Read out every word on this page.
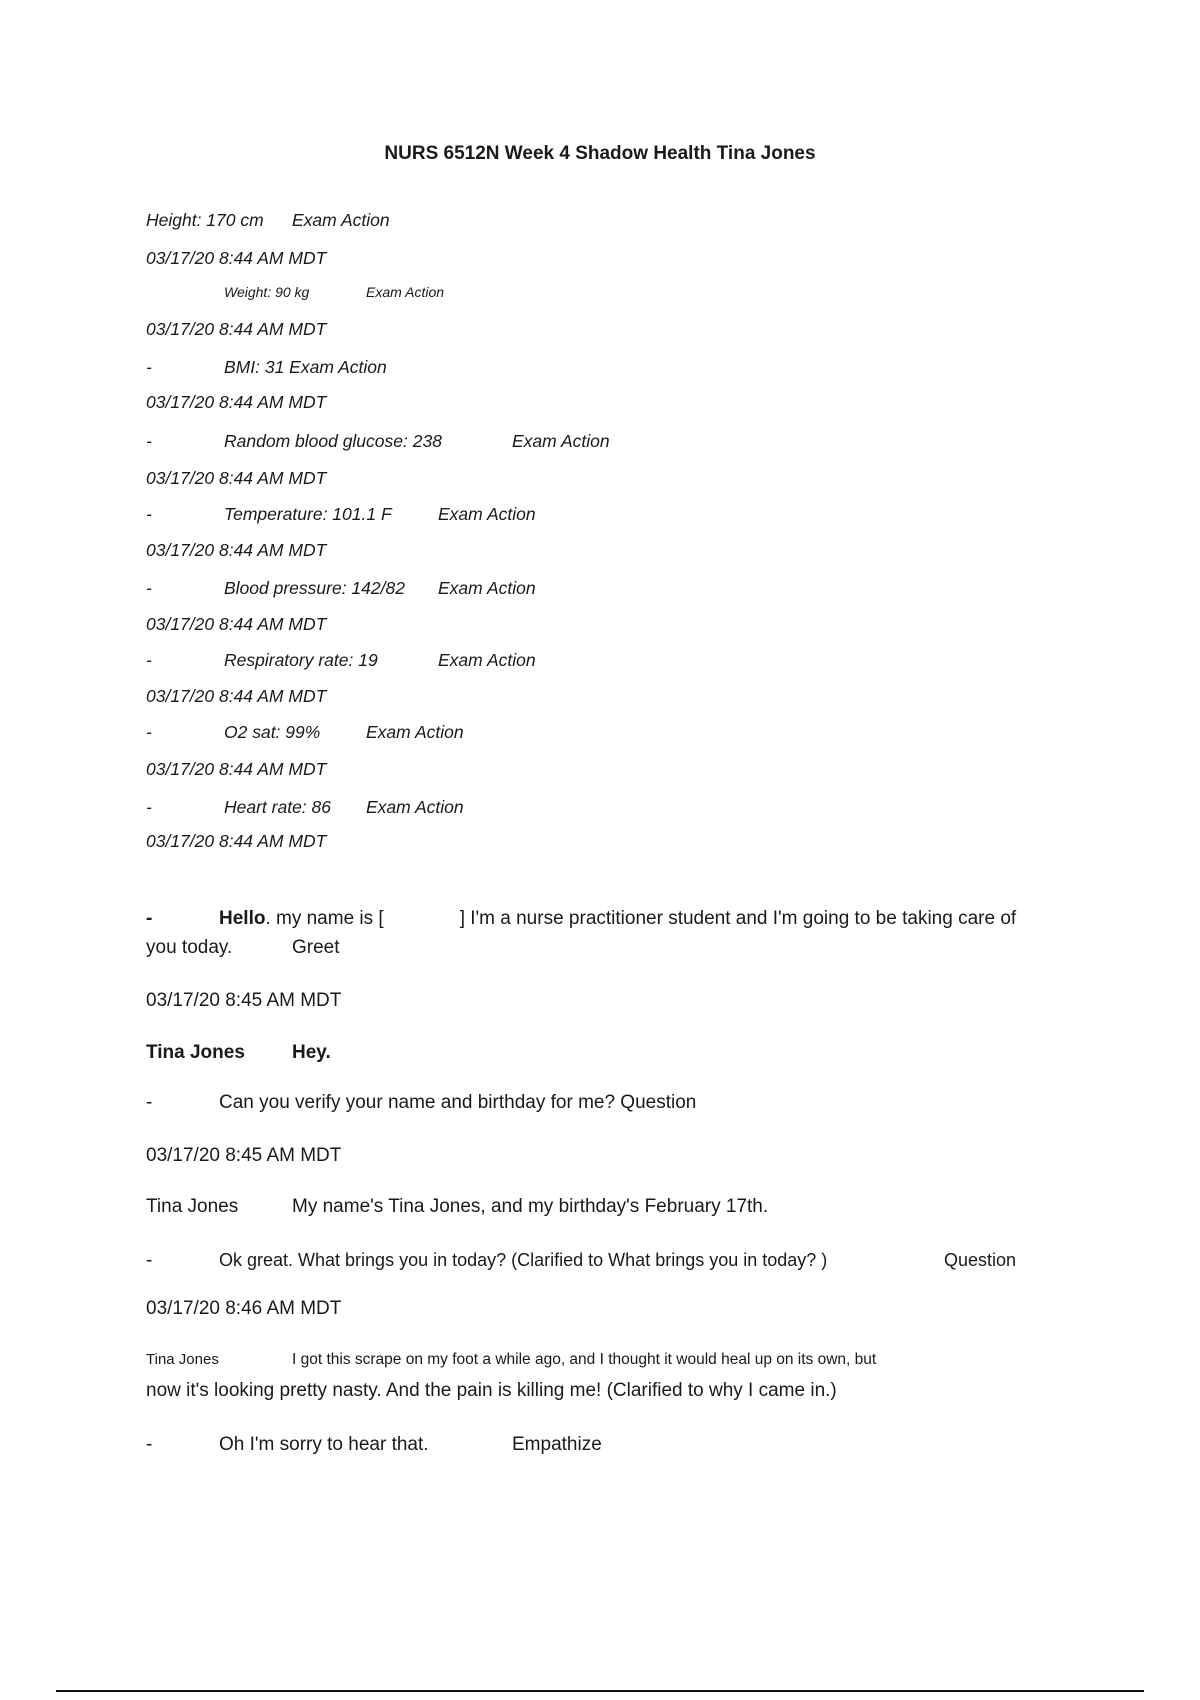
NURS 6512N Week 4 Shadow Health Tina Jones
Height: 170 cm Exam Action
03/17/20 8:44 AM MDT
Weight: 90 kg	Exam Action
03/17/20 8:44 AM MDT
-	BMI: 31 Exam Action
03/17/20 8:44 AM MDT
-	Random blood glucose: 238	Exam Action
03/17/20 8:44 AM MDT
-	Temperature: 101.1 F	Exam Action
03/17/20 8:44 AM MDT
-	Blood pressure: 142/82 Exam Action
03/17/20 8:44 AM MDT
-	Respiratory rate: 19	Exam Action
03/17/20 8:44 AM MDT
-	O2 sat: 99%	Exam Action
03/17/20 8:44 AM MDT
-	Heart rate: 86 Exam Action
03/17/20 8:44 AM MDT
-	Hello. my name is [	] I'm a nurse practitioner student and I'm going to be taking care of
you today.	Greet
03/17/20 8:45 AM MDT
Tina Jones Hey.
-	Can you verify your name and birthday for me? Question
03/17/20 8:45 AM MDT
Tina Jones	My name's Tina Jones, and my birthday's February 17th.
-	Ok great. What brings you in today? (Clarified to What brings you in today? )	Question
03/17/20 8:46 AM MDT
Tina Jones	I got this scrape on my foot a while ago, and I thought it would heal up on its own, but
now it's looking pretty nasty. And the pain is killing me! (Clarified to why I came in.)
-	Oh I'm sorry to hear that.	Empathize
